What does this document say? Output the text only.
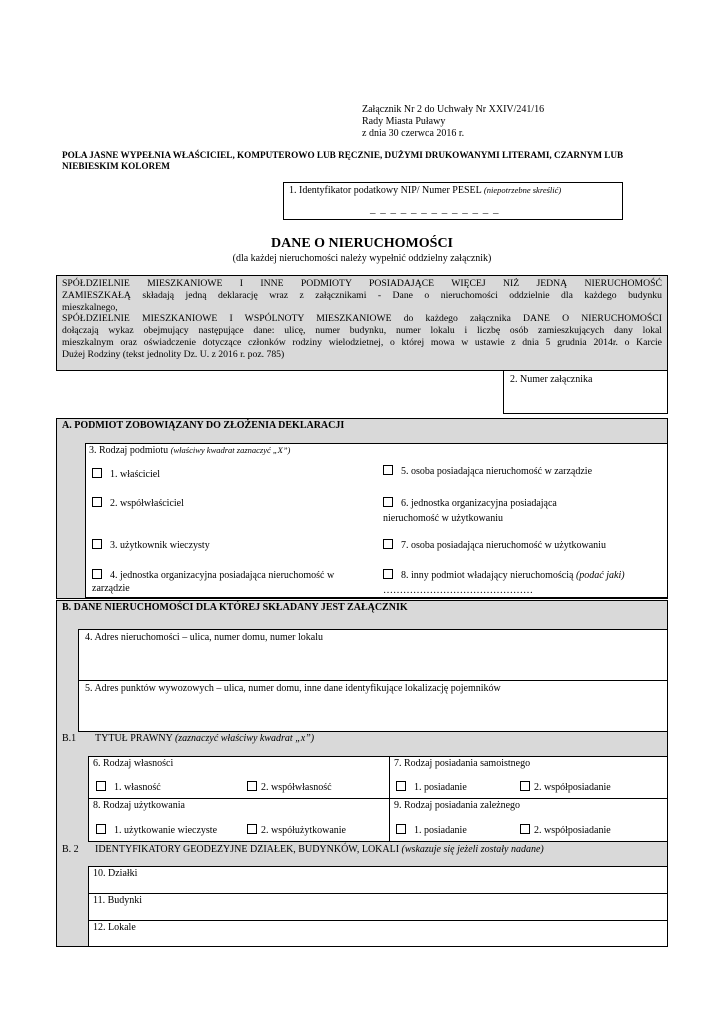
Załącznik Nr 2 do Uchwały Nr XXIV/241/16
Rady Miasta Puławy
z dnia 30 czerwca 2016 r.
POLA JASNE WYPEŁNIA WŁAŚCICIEL, KOMPUTEROWO LUB RĘCZNIE, DUŻYMI DRUKOWANYMI LITERAMI, CZARNYM LUB
NIEBIESKIM KOLOREM
1. Identyfikator podatkowy NIP/ Numer PESEL (niepotrzebne skreślić)
_ _ _ _ _ _ _ _ _ _ _ _ _
DANE O NIERUCHOMOŚCI
(dla każdej nieruchomości należy wypełnić oddzielny załącznik)
SPÓŁDZIELNIE MIESZKANIOWE I INNE PODMIOTY POSIADAJĄCE WIĘCEJ NIŻ JEDNĄ NIERUCHOMOŚĆ
ZAMIESZKAŁĄ składają jedną deklarację wraz z załącznikami - Dane o nieruchomości oddzielnie dla każdego budynku
mieszkalnego,
SPÓŁDZIELNIE MIESZKANIOWE I WSPÓLNOTY MIESZKANIOWE do każdego załącznika DANE O NIERUCHOMOŚCI
dołączają wykaz obejmujący następujące dane: ulicę, numer budynku, numer lokalu i liczbę osób zamieszkujących dany lokal
mieszkalnym oraz oświadczenie dotyczące członków rodziny wielodzietnej, o której mowa w ustawie z dnia 5 grudnia 2014r. o Karcie
Dużej Rodziny (tekst jednolity Dz. U. z 2016 r. poz. 785)
2. Numer załącznika
A. PODMIOT ZOBOWIĄZANY DO ZŁOŻENIA DEKLARACJI
3. Rodzaj podmiotu (właściwy kwadrat zaznaczyć „X”)
1. właściciel	5. osoba posiadająca nieruchomość w zarządzie
2. współwłaściciel	6. jednostka organizacyjna posiadająca
nieruchomość w użytkowaniu
3. użytkownik wieczysty	7. osoba posiadająca nieruchomość w użytkowaniu
4. jednostka organizacyjna posiadająca nieruchomość w
zarządzie
8. inny podmiot władający nieruchomością (podać jaki)
………………………………………
B. DANE NIERUCHOMOŚCI DLA KTÓREJ SKŁADANY JEST ZAŁĄCZNIK
4. Adres nieruchomości – ulica, numer domu, numer lokalu
5. Adres punktów wywozowych – ulica, numer domu, inne dane identyfikujące lokalizację pojemników
B.1 TYTUŁ PRAWNY (zaznaczyć właściwy kwadrat „x”)
6. Rodzaj własności
1. własność	2. współwłasność
7. Rodzaj posiadania samoistnego
1. posiadanie	2. współposiadanie
8. Rodzaj użytkowania
1. użytkowanie wieczyste	2. współużytkowanie
9. Rodzaj posiadania zależnego
1. posiadanie	2. współposiadanie
B. 2 IDENTYFIKATORY GEODEZYJNE DZIAŁEK, BUDYNKÓW, LOKALI (wskazuje się jeżeli zostały nadane)
10. Działki
11. Budynki
12. Lokale
